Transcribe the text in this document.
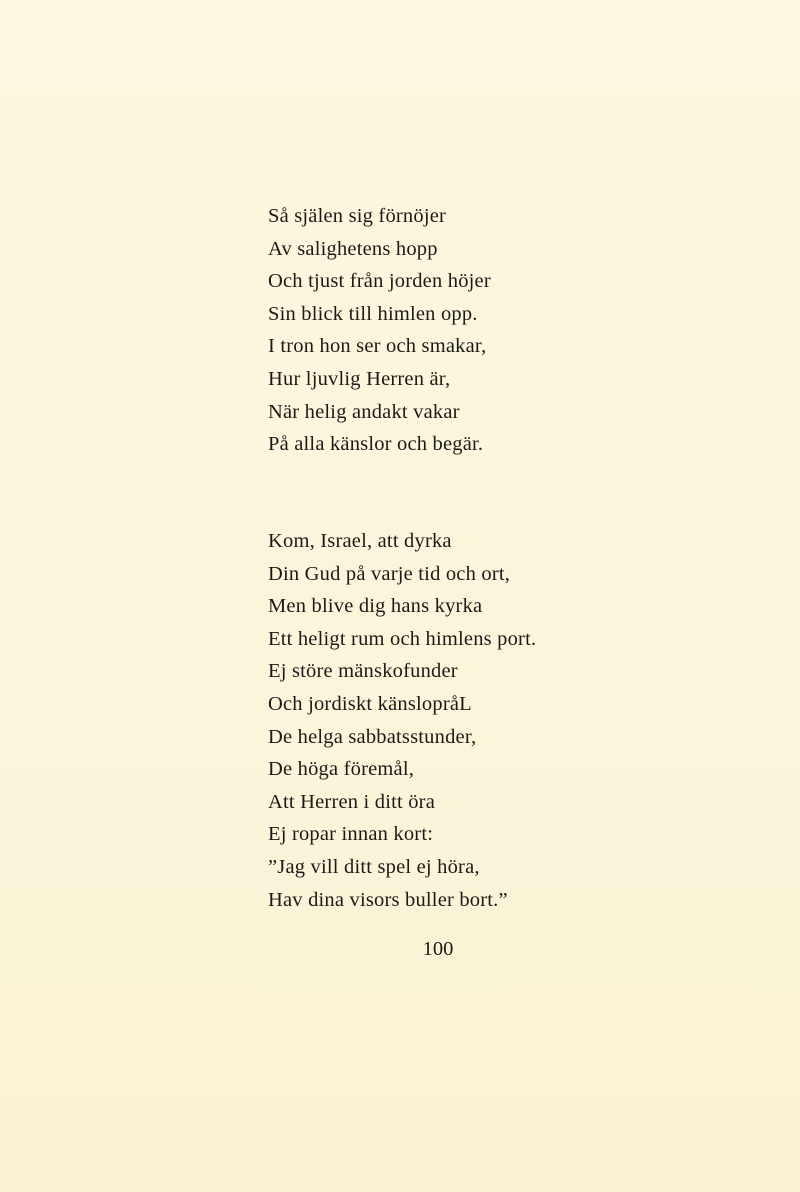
Så själen sig förnöjer
Av salighetens hopp
Och tjust från jorden höjer
Sin blick till himlen opp.
I tron hon ser och smakar,
Hur ljuvlig Herren är,
När helig andakt vakar
På alla känslor och begär.
Kom, Israel, att dyrka
Din Gud på varje tid och ort,
Men blive dig hans kyrka
Ett heligt rum och himlens port.
Ej störe mänskofunder
Och jordiskt känslopråL
De helga sabbatsstunder,
De höga föremål,
Att Herren i ditt öra
Ej ropar innan kort:
”Jag vill ditt spel ej höra,
Hav dina visors buller bort.”
100
